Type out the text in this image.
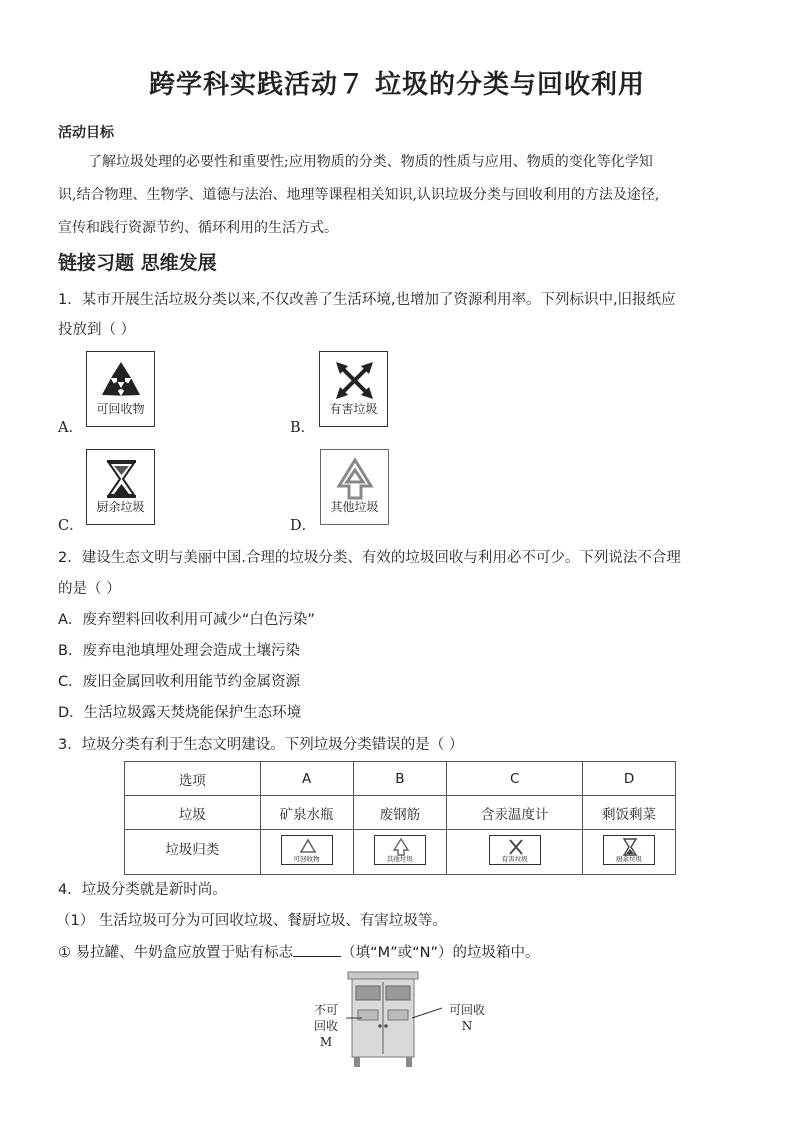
跨学科实践活动７ 垃圾的分类与回收利用
活动目标
了解垃圾处理的必要性和重要性;应用物质的分类、物质的性质与应用、物质的变化等化学知
识,结合物理、生物学、道德与法治、地理等课程相关知识,认识垃圾分类与回收利用的方法及途径,
宣传和践行资源节约、循环利用的生活方式。
链接习题 思维发展
1．某市开展生活垃圾分类以来,不仅改善了生活环境,也增加了资源利用率。下列标识中,旧报纸应
投放到（ ）
A．
可回收物
B．
有害垃圾
C．
厨余垃圾
D．
其他垃圾
2．建设生态文明与美丽中国.合理的垃圾分类、有效的垃圾回收与利用必不可少。下列说法不合理
的是（ ）
A．废弃塑料回收利用可减少“白色污染”
B．废弃电池填埋处理会造成土壤污染
C．废旧金属回收利用能节约金属资源
D．生活垃圾露天焚烧能保护生态环境
3．垃圾分类有利于生态文明建设。下列垃圾分类错误的是（ ）
选项	A	B	C	D
垃圾	矿泉水瓶	废钢筋	含汞温度计	剩饭剩菜
垃圾归类	可回收物	其他垃圾	有害垃圾	厨余垃圾
4．垃圾分类就是新时尚。
（1） 生活垃圾可分为可回收垃圾、餐厨垃圾、有害垃圾等。
① 易拉罐、牛奶盒应放置于贴有标志	（填“M”或“N”）的垃圾箱中。
不可
回收
M
可回收
N
